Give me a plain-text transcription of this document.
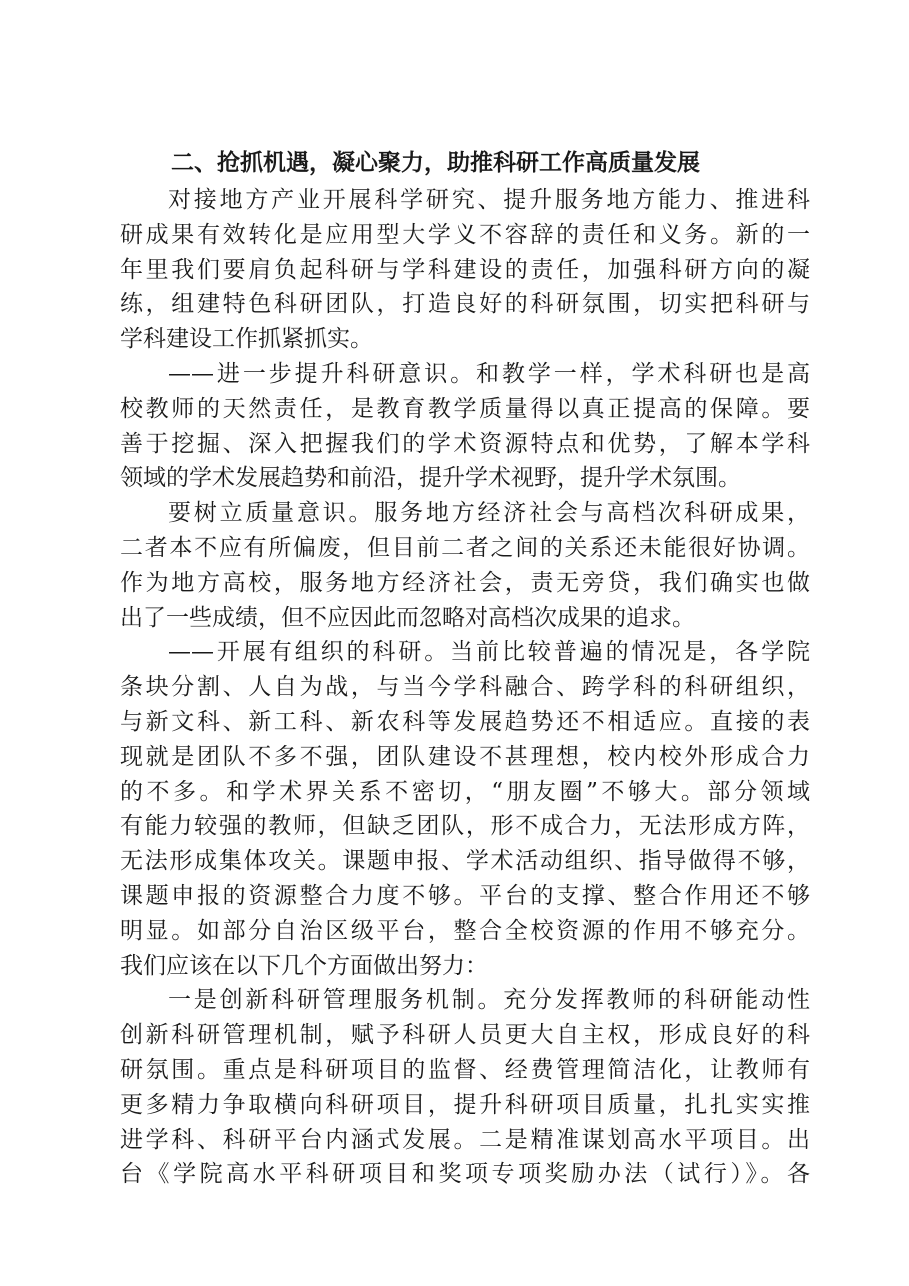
二、抢抓机遇，凝心聚力，助推科研工作高质量发展
对接地方产业开展科学研究、提升服务地方能力、推进科
研成果有效转化是应用型大学义不容辞的责任和义务。新的一
年里我们要肩负起科研与学科建设的责任，加强科研方向的凝
练，组建特色科研团队，打造良好的科研氛围，切实把科研与
学科建设工作抓紧抓实。
——进一步提升科研意识。和教学一样，学术科研也是高
校教师的天然责任，是教育教学质量得以真正提高的保障。要
善于挖掘、深入把握我们的学术资源特点和优势，了解本学科
领域的学术发展趋势和前沿，提升学术视野，提升学术氛围。
要树立质量意识。服务地方经济社会与高档次科研成果，
二者本不应有所偏废，但目前二者之间的关系还未能很好协调。
作为地方高校，服务地方经济社会，责无旁贷，我们确实也做
出了一些成绩，但不应因此而忽略对高档次成果的追求。
——开展有组织的科研。当前比较普遍的情况是，各学院
条块分割、人自为战，与当今学科融合、跨学科的科研组织，
与新文科、新工科、新农科等发展趋势还不相适应。直接的表
现就是团队不多不强，团队建设不甚理想，校内校外形成合力
的不多。和学术界关系不密切，“朋友圈”不够大。部分领域
有能力较强的教师，但缺乏团队，形不成合力，无法形成方阵，
无法形成集体攻关。课题申报、学术活动组织、指导做得不够，
课题申报的资源整合力度不够。平台的支撑、整合作用还不够
明显。如部分自治区级平台，整合全校资源的作用不够充分。
我们应该在以下几个方面做出努力：
一是创新科研管理服务机制。充分发挥教师的科研能动性
创新科研管理机制，赋予科研人员更大自主权，形成良好的科
研氛围。重点是科研项目的监督、经费管理简洁化，让教师有
更多精力争取横向科研项目，提升科研项目质量，扎扎实实推
进学科、科研平台内涵式发展。二是精准谋划高水平项目。出
台《学院高水平科研项目和奖项专项奖励办法（试行）》。各
